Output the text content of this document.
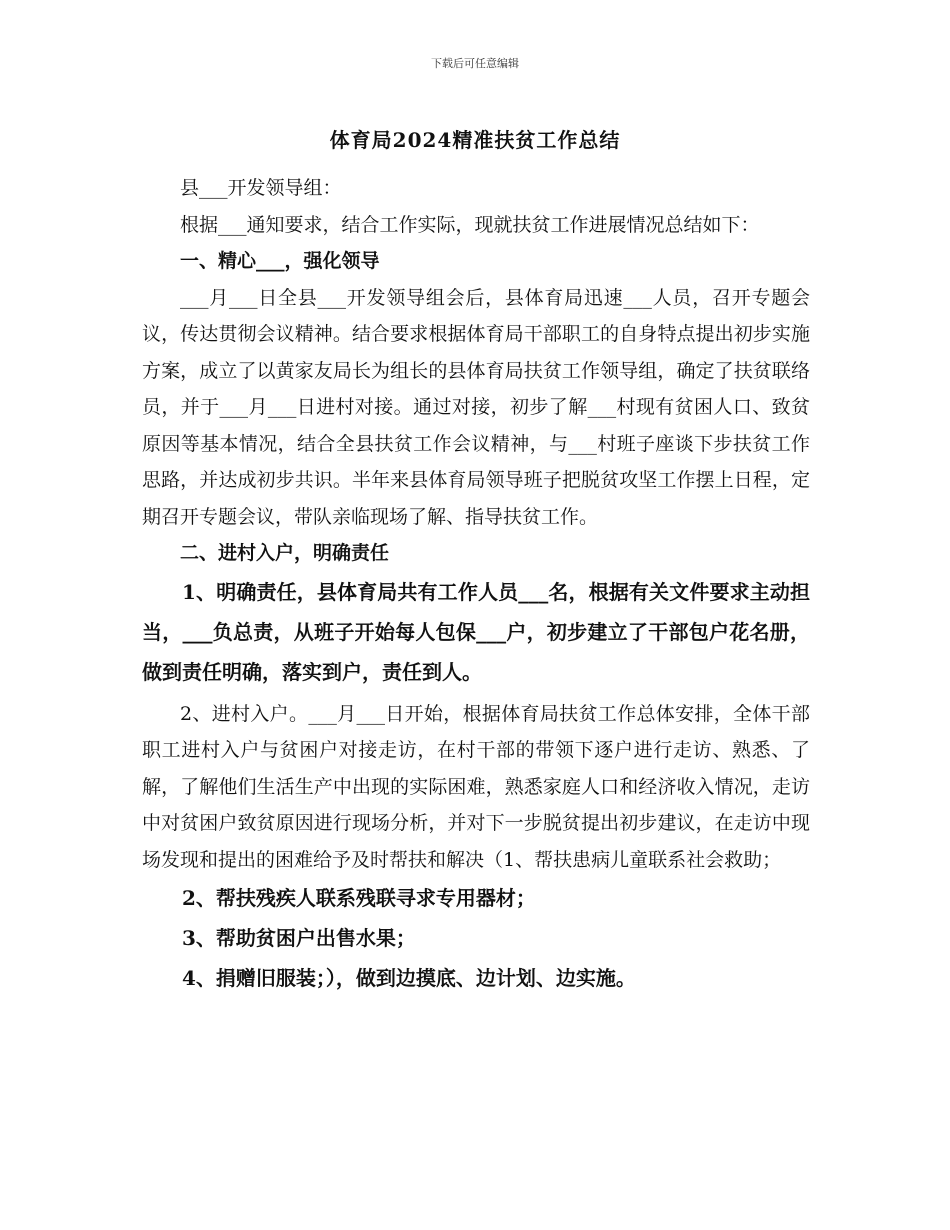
下载后可任意编辑
体育局2024精准扶贫工作总结

县___开发领导组：

根据___通知要求，结合工作实际，现就扶贫工作进展情况总结如下：

一、精心___，强化领导

___月___日全县___开发领导组会后，县体育局迅速___人员，召开专题会议，传达贯彻会议精神。结合要求根据体育局干部职工的自身特点提出初步实施方案，成立了以黄家友局长为组长的县体育局扶贫工作领导组，确定了扶贫联络员，并于___月___日进村对接。通过对接，初步了解___村现有贫困人口、致贫原因等基本情况，结合全县扶贫工作会议精神，与___村班子座谈下步扶贫工作思路，并达成初步共识。半年来县体育局领导班子把脱贫攻坚工作摆上日程，定期召开专题会议，带队亲临现场了解、指导扶贫工作。

二、进村入户，明确责任

1、明确责任，县体育局共有工作人员___名，根据有关文件要求主动担当，___负总责，从班子开始每人包保___户，初步建立了干部包户花名册，做到责任明确，落实到户，责任到人。

2、进村入户。___月___日开始，根据体育局扶贫工作总体安排，全体干部职工进村入户与贫困户对接走访，在村干部的带领下逐户进行走访、熟悉、了解，了解他们生活生产中出现的实际困难，熟悉家庭人口和经济收入情况，走访中对贫困户致贫原因进行现场分析，并对下一步脱贫提出初步建议，在走访中现场发现和提出的困难给予及时帮扶和解决（1、帮扶患病儿童联系社会救助；

2、帮扶残疾人联系残联寻求专用器材；

3、帮助贫困户出售水果；

4、捐赠旧服装；），做到边摸底、边计划、边实施。
